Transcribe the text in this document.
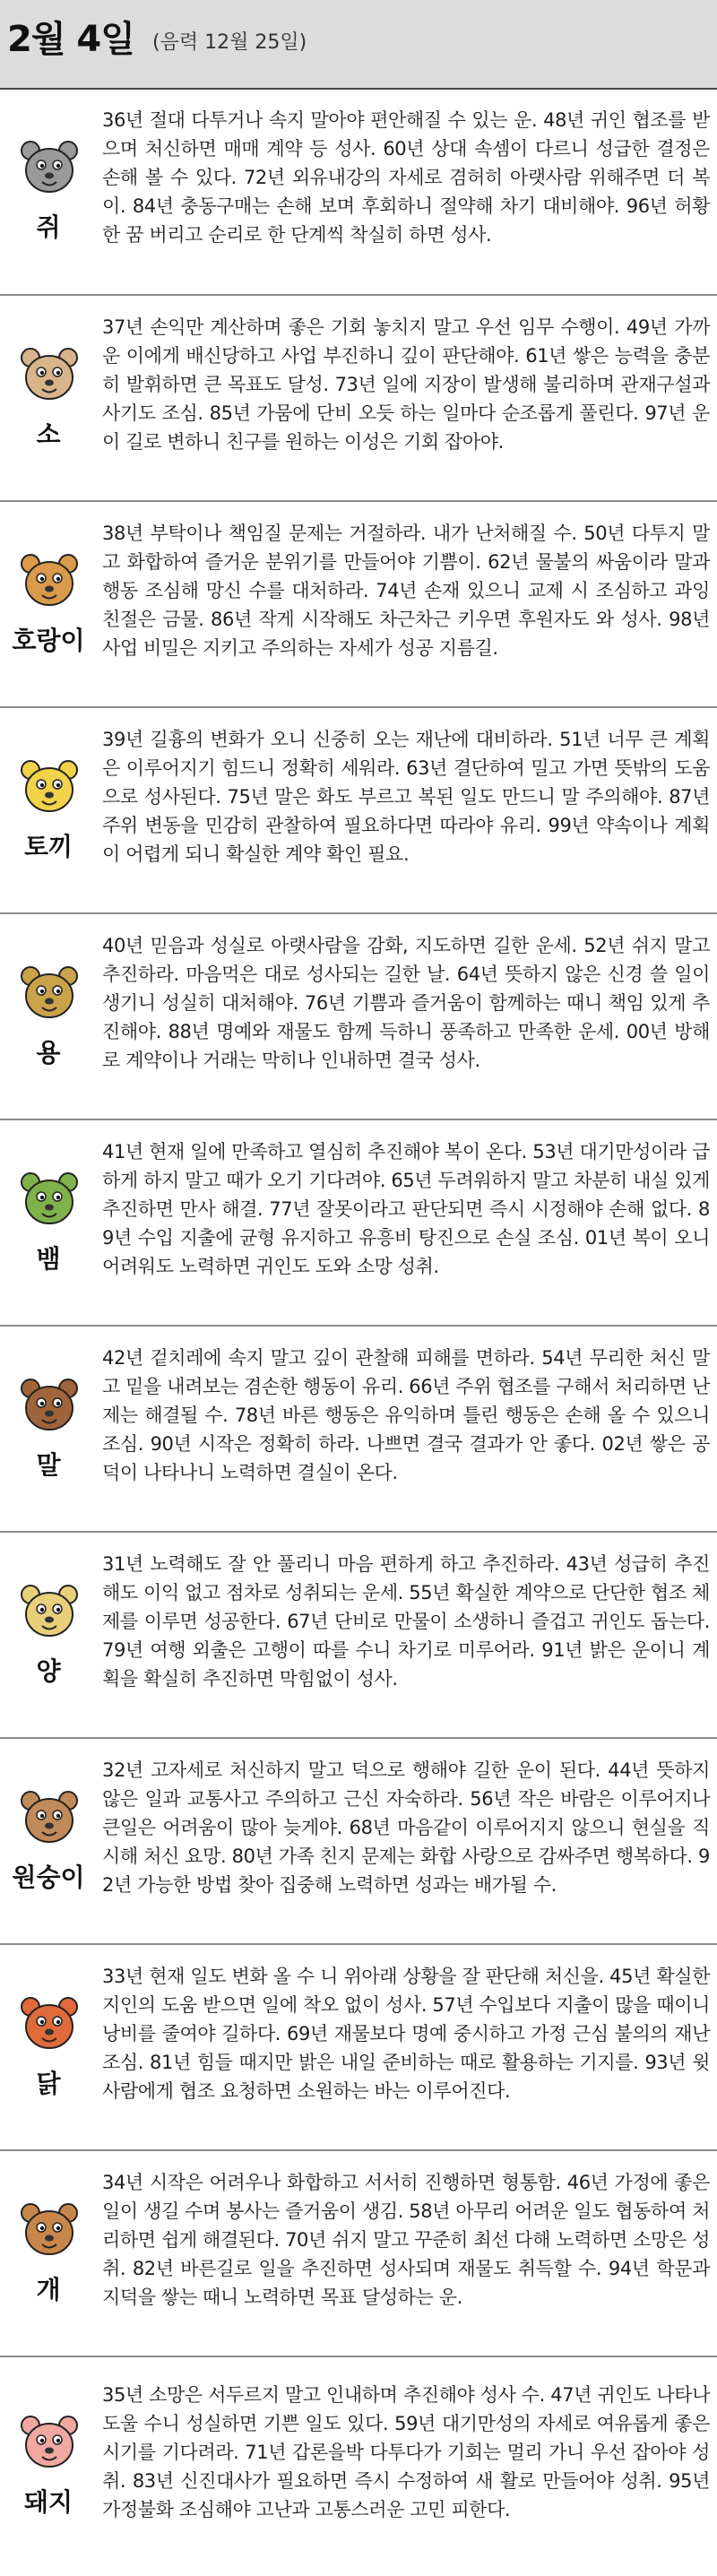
2월 4일 (음력 12월 25일)
쥐
36년 절대 다투거나 속지 말아야 편안해질 수 있는 운. 48년 귀인 협조를 받으며 처신하면 매매 계약 등 성사. 60년 상대 속셈이 다르니 성급한 결정은 손해 볼 수 있다. 72년 외유내강의 자세로 겸허히 아랫사람 위해주면 더 복이. 84년 충동구매는 손해 보며 후회하니 절약해 차기 대비해야. 96년 허황한 꿈 버리고 순리로 한 단계씩 착실히 하면 성사.
소
37년 손익만 계산하며 좋은 기회 놓치지 말고 우선 임무 수행이. 49년 가까운 이에게 배신당하고 사업 부진하니 깊이 판단해야. 61년 쌓은 능력을 충분히 발휘하면 큰 목표도 달성. 73년 일에 지장이 발생해 불리하며 관재구설과 사기도 조심. 85년 가뭄에 단비 오듯 하는 일마다 순조롭게 풀린다. 97년 운이 길로 변하니 친구를 원하는 이성은 기회 잡아야.
호랑이
38년 부탁이나 책임질 문제는 거절하라. 내가 난처해질 수. 50년 다투지 말고 화합하여 즐거운 분위기를 만들어야 기쁨이. 62년 물불의 싸움이라 말과 행동 조심해 망신 수를 대처하라. 74년 손재 있으니 교제 시 조심하고 과잉 친절은 금물. 86년 작게 시작해도 차근차근 키우면 후원자도 와 성사. 98년 사업 비밀은 지키고 주의하는 자세가 성공 지름길.
토끼
39년 길흉의 변화가 오니 신중히 오는 재난에 대비하라. 51년 너무 큰 계획은 이루어지기 힘드니 정확히 세워라. 63년 결단하여 밀고 가면 뜻밖의 도움으로 성사된다. 75년 말은 화도 부르고 복된 일도 만드니 말 주의해야. 87년 주위 변동을 민감히 관찰하여 필요하다면 따라야 유리. 99년 약속이나 계획이 어렵게 되니 확실한 계약 확인 필요.
용
40년 믿음과 성실로 아랫사람을 감화, 지도하면 길한 운세. 52년 쉬지 말고 추진하라. 마음먹은 대로 성사되는 길한 날. 64년 뜻하지 않은 신경 쓸 일이 생기니 성실히 대처해야. 76년 기쁨과 즐거움이 함께하는 때니 책임 있게 추진해야. 88년 명예와 재물도 함께 득하니 풍족하고 만족한 운세. 00년 방해로 계약이나 거래는 막히나 인내하면 결국 성사.
뱀
41년 현재 일에 만족하고 열심히 추진해야 복이 온다. 53년 대기만성이라 급하게 하지 말고 때가 오기 기다려야. 65년 두려워하지 말고 차분히 내실 있게 추진하면 만사 해결. 77년 잘못이라고 판단되면 즉시 시정해야 손해 없다. 89년 수입 지출에 균형 유지하고 유흥비 탕진으로 손실 조심. 01년 복이 오니 어려워도 노력하면 귀인도 도와 소망 성취.
말
42년 겉치레에 속지 말고 깊이 관찰해 피해를 면하라. 54년 무리한 처신 말고 밑을 내려보는 겸손한 행동이 유리. 66년 주위 협조를 구해서 처리하면 난제는 해결될 수. 78년 바른 행동은 유익하며 틀린 행동은 손해 올 수 있으니 조심. 90년 시작은 정확히 하라. 나쁘면 결국 결과가 안 좋다. 02년 쌓은 공덕이 나타나니 노력하면 결실이 온다.
양
31년 노력해도 잘 안 풀리니 마음 편하게 하고 추진하라. 43년 성급히 추진해도 이익 없고 점차로 성취되는 운세. 55년 확실한 계약으로 단단한 협조 체제를 이루면 성공한다. 67년 단비로 만물이 소생하니 즐겁고 귀인도 돕는다. 79년 여행 외출은 고행이 따를 수니 차기로 미루어라. 91년 밝은 운이니 계획을 확실히 추진하면 막힘없이 성사.
원숭이
32년 고자세로 처신하지 말고 덕으로 행해야 길한 운이 된다. 44년 뜻하지 않은 일과 교통사고 주의하고 근신 자숙하라. 56년 작은 바람은 이루어지나 큰일은 어려움이 많아 늦게야. 68년 마음같이 이루어지지 않으니 현실을 직시해 처신 요망. 80년 가족 친지 문제는 화합 사랑으로 감싸주면 행복하다. 92년 가능한 방법 찾아 집중해 노력하면 성과는 배가될 수.
닭
33년 현재 일도 변화 올 수 니 위아래 상황을 잘 판단해 처신을. 45년 확실한 지인의 도움 받으면 일에 착오 없이 성사. 57년 수입보다 지출이 많을 때이니 낭비를 줄여야 길하다. 69년 재물보다 명예 중시하고 가정 근심 불의의 재난 조심. 81년 힘들 때지만 밝은 내일 준비하는 때로 활용하는 기지를. 93년 윗사람에게 협조 요청하면 소원하는 바는 이루어진다.
개
34년 시작은 어려우나 화합하고 서서히 진행하면 형통함. 46년 가정에 좋은 일이 생길 수며 봉사는 즐거움이 생김. 58년 아무리 어려운 일도 협동하여 처리하면 쉽게 해결된다. 70년 쉬지 말고 꾸준히 최선 다해 노력하면 소망은 성취. 82년 바른길로 일을 추진하면 성사되며 재물도 취득할 수. 94년 학문과 지덕을 쌓는 때니 노력하면 목표 달성하는 운.
돼지
35년 소망은 서두르지 말고 인내하며 추진해야 성사 수. 47년 귀인도 나타나 도울 수니 성실하면 기쁜 일도 있다. 59년 대기만성의 자세로 여유롭게 좋은 시기를 기다려라. 71년 갑론을박 다투다가 기회는 멀리 가니 우선 잡아야 성취. 83년 신진대사가 필요하면 즉시 수정하여 새 활로 만들어야 성취. 95년 가정불화 조심해야 고난과 고통스러운 고민 피한다.
